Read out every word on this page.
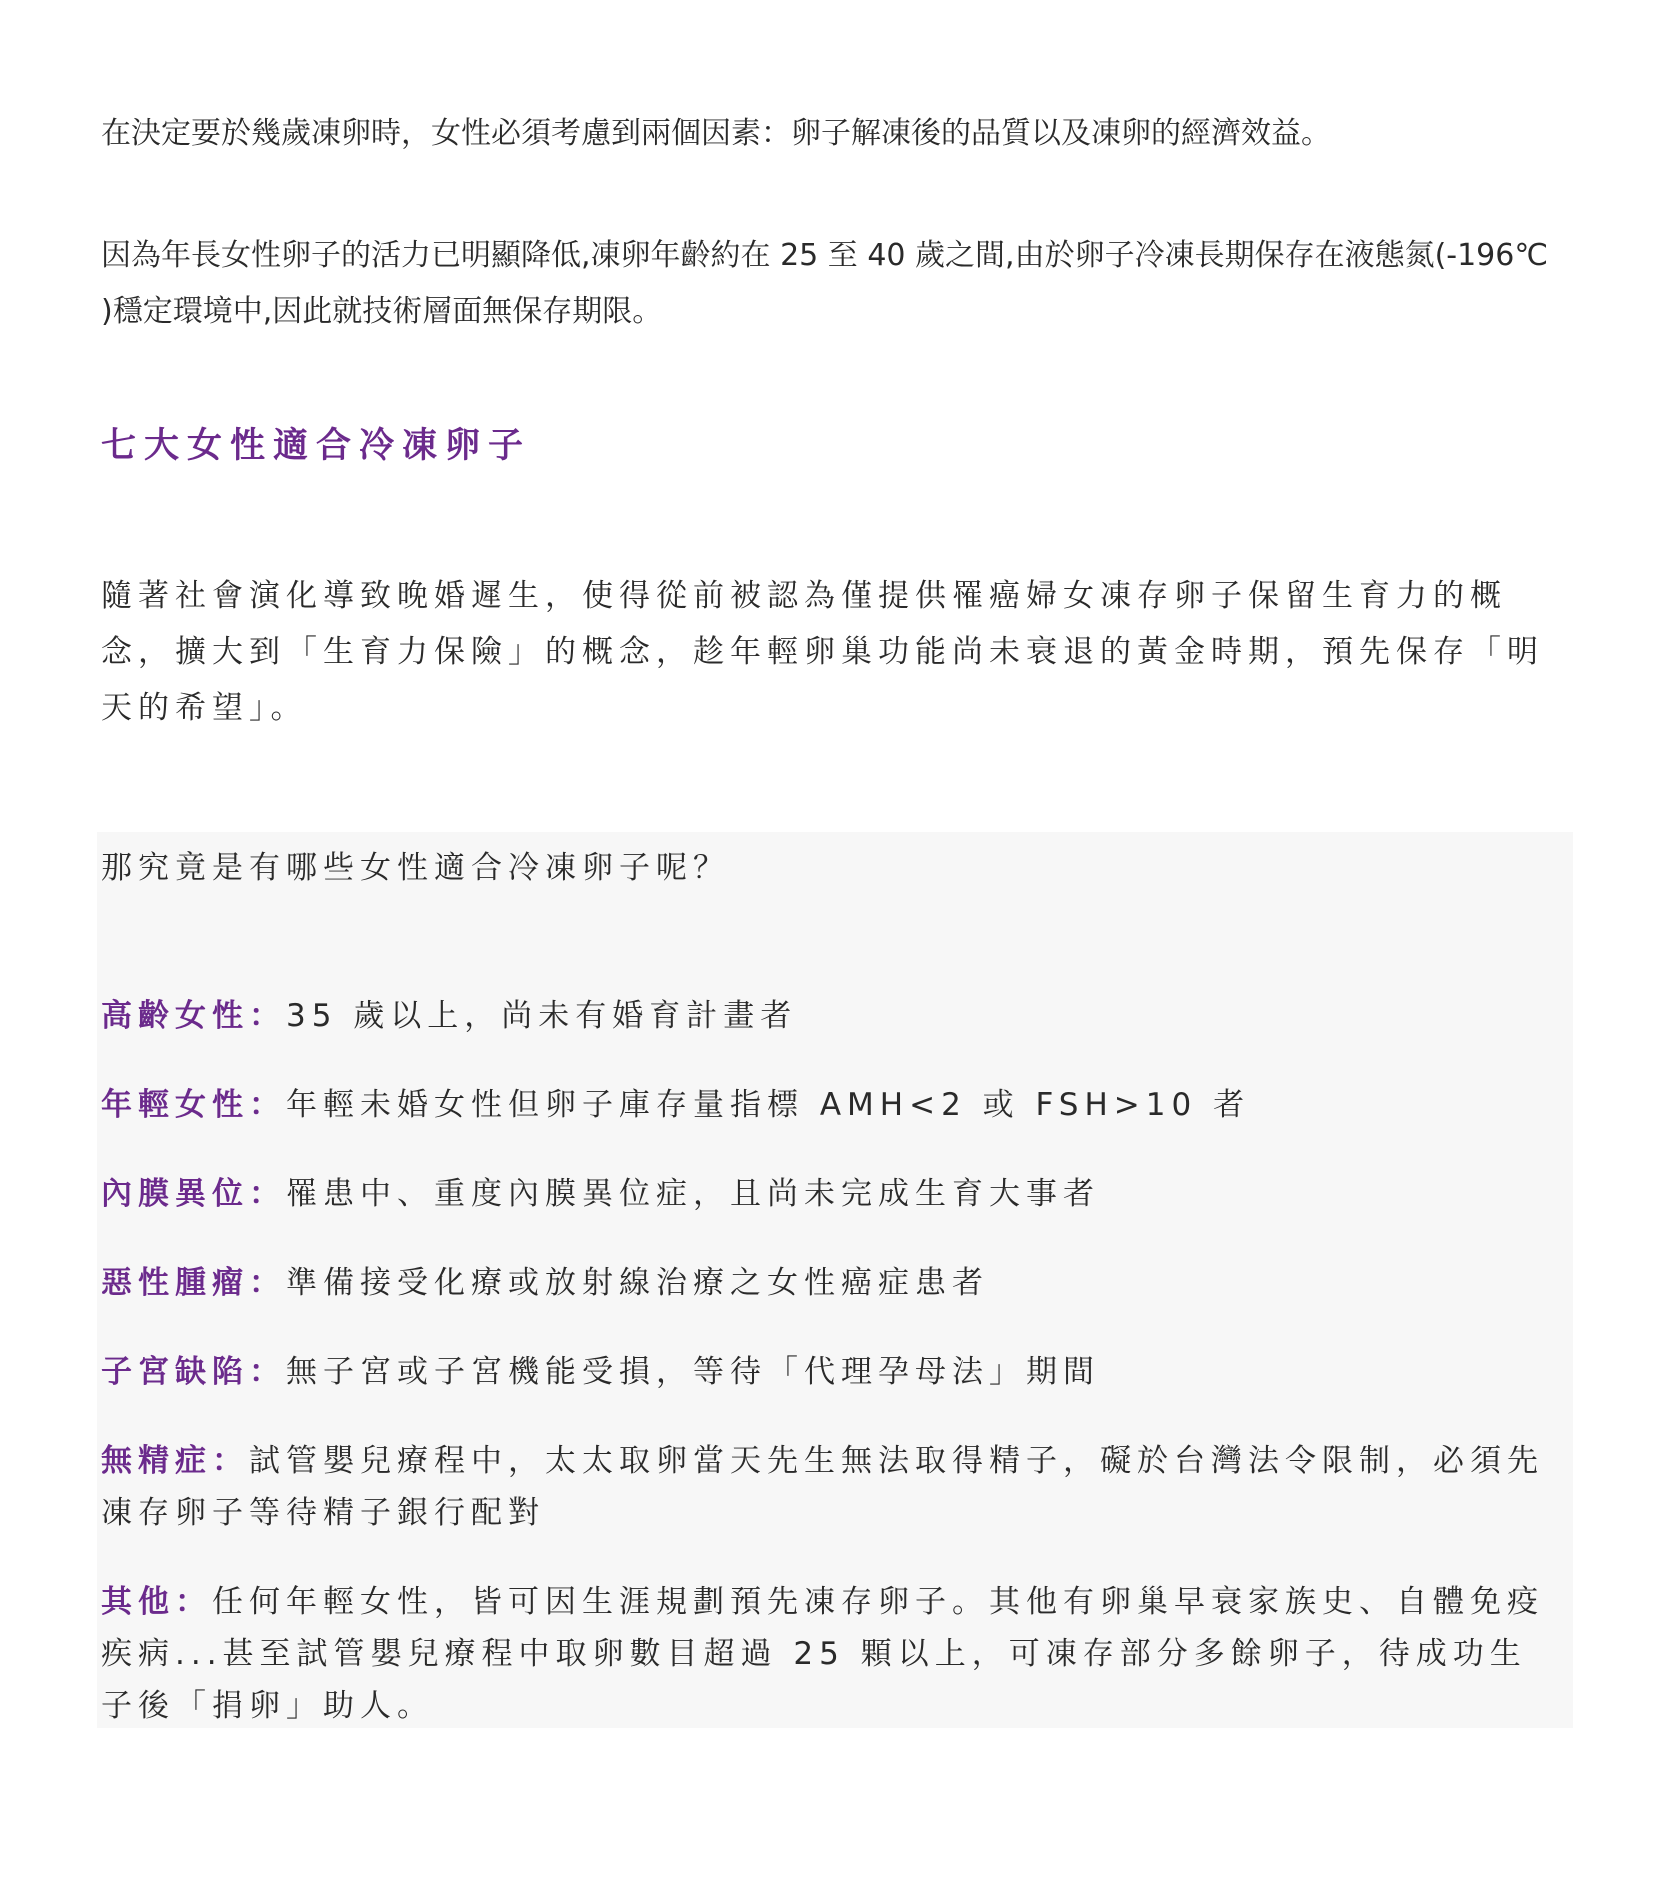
在決定要於幾歲凍卵時，女性必須考慮到兩個因素：卵子解凍後的品質以及凍卵的經濟效益。

因為年長女性卵子的活力已明顯降低,凍卵年齡約在 25 至 40 歲之間,由於卵子冷凍長期保存在液態氮(-196℃ )穩定環境中,因此就技術層面無保存期限。

七大女性適合冷凍卵子

隨著社會演化導致晚婚遲生，使得從前被認為僅提供罹癌婦女凍存卵子保留生育力的概念，擴大到「生育力保險」的概念，趁年輕卵巢功能尚未衰退的黃金時期，預先保存「明天的希望」。

那究竟是有哪些女性適合冷凍卵子呢？

高齡女性：35 歲以上，尚未有婚育計畫者

年輕女性：年輕未婚女性但卵子庫存量指標 AMH<2 或 FSH>10 者

內膜異位：罹患中、重度內膜異位症，且尚未完成生育大事者

惡性腫瘤：準備接受化療或放射線治療之女性癌症患者

子宮缺陷：無子宮或子宮機能受損，等待「代理孕母法」期間

無精症：試管嬰兒療程中，太太取卵當天先生無法取得精子，礙於台灣法令限制，必須先凍存卵子等待精子銀行配對

其他：任何年輕女性，皆可因生涯規劃預先凍存卵子。其他有卵巢早衰家族史、自體免疫疾病...甚至試管嬰兒療程中取卵數目超過 25 顆以上，可凍存部分多餘卵子，待成功生子後「捐卵」助人。
